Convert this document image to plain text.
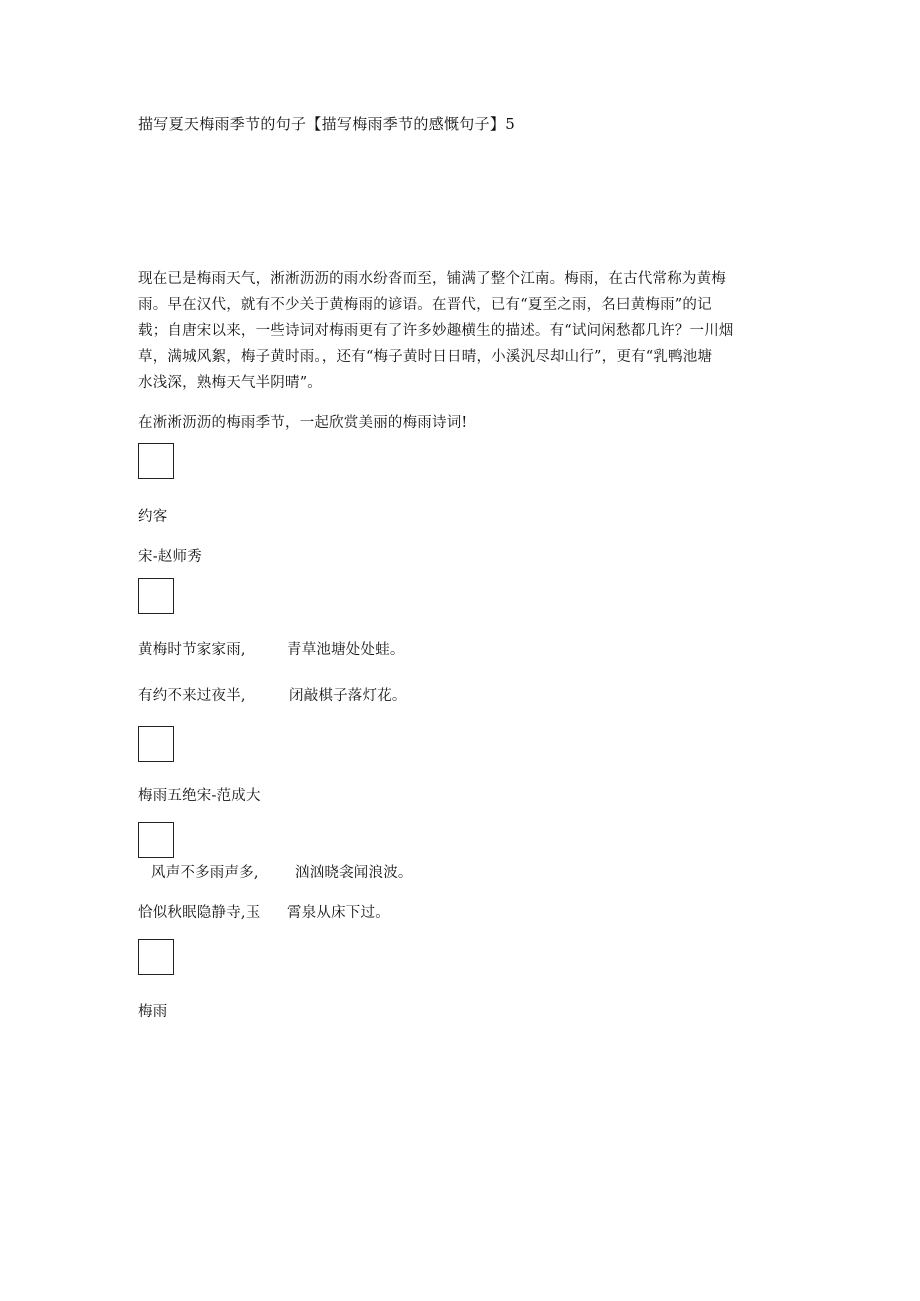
描写夏天梅雨季节的句子【描写梅雨季节的感慨句子】5
现在已是梅雨天气，淅淅沥沥的雨水纷沓而至，铺满了整个江南。梅雨，在古代常称为黄梅
雨。早在汉代，就有不少关于黄梅雨的谚语。在晋代，已有“夏至之雨，名曰黄梅雨”的记
载；自唐宋以来，一些诗词对梅雨更有了许多妙趣横生的描述。有“试问闲愁都几许？一川烟
草，满城风絮，梅子黄时雨。，还有“梅子黄时日日晴，小溪汎尽却山行”，更有“乳鸭池塘
水浅深，熟梅天气半阴晴”。
在淅淅沥沥的梅雨季节，一起欣赏美丽的梅雨诗词!
约客
宋-赵师秀
黄梅时节家家雨,	青草池塘处处蛙。
有约不来过夜半,	闭敲棋子落灯花。
梅雨五绝宋-范成大
风声不多雨声多,	汹汹晓衾闻浪波。
恰似秋眠隐静寺,玉 霄泉从床下过。
梅雨
